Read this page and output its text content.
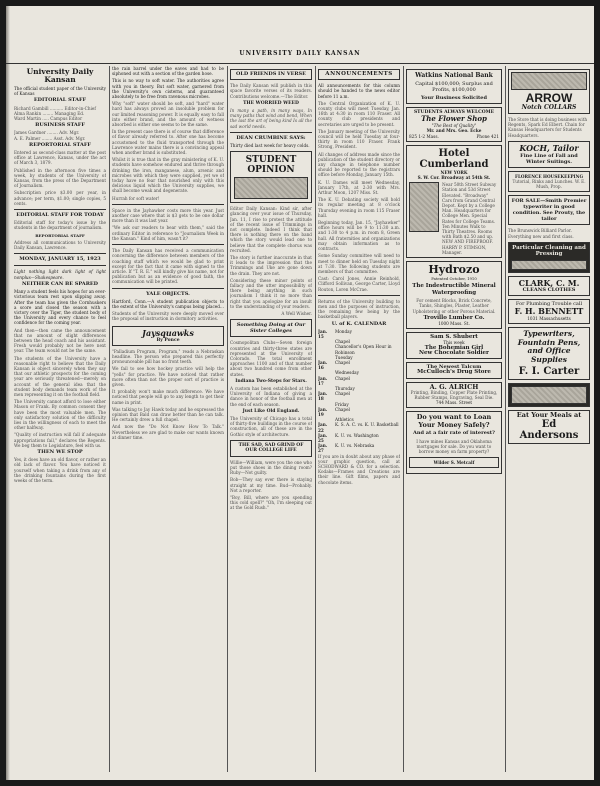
UNIVERSITY DAILY KANSAN
University Daily Kansan

The official student paper of the University of Kansas

EDITORIAL STAFF

Richard Gambill .......... Editor-in-Chief
Alma Rankin ........ Managing Ed.
Ward Martin ..... Campus Editor

BUSINESS STAFF

James Gardner ........ Adv. Mgr.
A. E. Palmer ........ Asst. Adv. Mgr.

REPORTORIAL STAFF

Entered as second-class matter at the post office at Lawrence, Kansas, under the act of March 3, 1879.

Published in the afternoon five times a week, by students of the University of Kansas, from the press of the Department of Journalism.

Subscription price $3.00 per year, in advance; per term, $1.00; single copies, 5 cents.

EDITORIAL STAFF FOR TODAY

Editorial staff for today's issue by the students in the department of journalism.

REPORTORIAL STAFF

Address all communications to University Daily Kansan, Lawrence.

MONDAY, JANUARY 15, 1923

Light nothing light dark light of light nonplus—Shakespeare.

NEITHER CAN BE SPARED

Many a student feels his hopes for an ever-victorious team rest upon slipping away. After the team has given the Cornhuskers a score and closed the season with a victory over the Tiger, the student body of the University and every chance to feel confidence for the coming year.

And then—then came the announcement that no amount of slight differences between the head coach and his assistant. Fresh would probably not be here next year. The team would not be the same.

The students of the University have a reasonable right to believe that the Daily Kansan is object sincerely when they say that our athletic prospects for the coming year are seriously threatened—merely on account of the general idea that the student body demands team work of the men representing it on the football field.

The University cannot afford to lose either Mason or Frank. By common consent they have been the most valuable men. The only satisfactory solution of the difficulty lies in the willingness of each to meet the other halfway.

"Quality of instruction will fall if adequate appropriations fail," declares the Regents. We beg them to Legislature, feel with us.

THEN WE STOP

Yes, it does have an old flavor, or rather an old lack of flavor. You have noticed it yourself when taking a drink from any of the drinking fountains during the first weeks of the term.

the rain barrel under the eaves and had to be siphoned out with a section of the garden hose.

This is no way to soft water. The authorities agree with you in theory. But soft water, garnered from the University's own cisterns, and guaranteed absolutely to be free from ravenous microbes.

Why "soft" water should be soft, and "hard" water hard has always proved an insoluble problem for our limited reasoning power. It is equally easy to fall into either brand, and the amount of wetness absorbed is either one seems to be the same.

In the present case there is of course that difference of flavor already referred to. After one has become accustomed to the fluid transported through the Lawrence water mains there is a convincing appeal when another brand is substituted.

Whilst it is true that in the gray ministering of K. U. students have somehow endured and thrive through drinking the iron, manganese, alum, arsenic and microbes with which they were supplied, yet we of today have no fear that nourished only with this delicious liquid which the University supplies, we shall become weak and degenerate.

Hurrah for soft water!

Space in the Jayhawker costs more this year. Just another case where that is $3 gets to be one dollar more than it was last year.

"We ask our readers to bear with them," said the ordinary Editor in reference to "Journalism Week in the Kansan." Kind of him, wasn't it?

The Daily Kansan has received a communication concerning the difference between members of the coaching staff which we would be glad to print except for the fact that it came with signed to the article. If "T. R. E." will kindly give his name, not for publication but as an evidence of good faith, the communication will be printed.

YALE OBJECTS.

Hartford, Conn.—A student publication objects to the extent of the University's campus being placed...

Students of the University were deeply moved over the proposal of instruction in dormitory activities.

Jaysquawks
By Ponce

"Palladium Program, Program," reads a Nebraskan headline. The person who prepared this perfectly pronounceable pill has no front teeth.

We fail to see how hockey practice will help the "yells" for practice. We have noticed that rather more often than not the proper sort of practice is given.

It probably won't make much difference. We have noticed that people will go to any length to get their name in print.

Was talking to Jay Hawk today and he expressed the opinion that Bald can draw better than he can talk. He certainly drew a full chapel.

And now the "Do Not Know How To Talk." Nevertheless we are glad to make our wants known at dinner time.

OLD FRIENDS IN VERSE

The Daily Kansan will publish in this space favorite verses of its readers. Contributions welcome.—The Editor.

THE WORRIED WEED

In many a path, in many ways, In many paths that wind and bend, When the last the art of being kind Is all the sad world needs.

DEAN CRUMBINE SAYS:

Thirty died last week for heavy colds.

STUDENT OPINION

Editor Daily Kansan: Kind sir, after glancing over your issue of Thursday, Jan. 11, I rise to protest the attitude of the recent issue of Trimmings in not complete. Indeed I think that there is nothing there on the band which the story would lead one to believe that the complete chorus was recruited.

The story is further inaccurate in that it leads to the impression that the Trimmings and Uke are gone down the drain. They are not.

Considering these minor points of fallacy and the utter impossibility of there being anything in such journalism I think it no more than right that you apologize for an insult to the understanding of your readers.

A Well Wisher.

Something Doing at Our Sister Colleges

Cosmopolitan Clubs—Seven foreign countries and thirty-three states are represented at the University of Colorado. The total enrollment approaches 1100 and of that number about two hundred come from other states.

Indiana Two-Steps for Stars.

A custom has been established at the University of Indiana of giving a dance in honor of the football men at the end of each season.

Just Like Old England.

The University of Chicago has a total of thirty-five buildings in the course of construction, all of these are in the Gothic style of architecture.

THE SAD, SAD GRIND OF OUR COLLEGE LIFE

Willie—William, were you the one who put those shoes in the dining room? Ruby—Not guilty.

Bob—They say ever there is staying straight at my time. Bud—Probably. Not a reporter.

"Boy, Bill, where are you spending this cold spell?" "Oh, I'm sleeping out at the Gold Rush."

ANNOUNCEMENTS

All announcements for this column should be handed to the news editor before 11 a.m.

The Central Organization of K. U. county clubs will meet Tuesday, Jan. 16th at 4:30 in room 110 Fraser. All county club presidents and secretaries are urged to be present.

The January meeting of the University council will be held Tuesday at four-thirty in room 110 Fraser. Frank Strong, President.

All changes of address made since the publication of the student directory or any change in telephone number should be reported to the registrars office before Monday, January 15th.

K. U. Dames will meet Wednesday, January 17th, at 2:30 with Mrs. Arthur Moon, 1207 Miss. St.

The K. U. Debating society will hold its regular meeting at 8 o'clock Thursday evening in room 115 Fraser hall.

Beginning today, Jan. 15, "Jayhawker" office hours will be 9 to 11:30 a.m. and 1:30 to 4 p.m. in room 8, Green hall. All fraternities and organizations may obtain information as to contracts.

Some Sunday committee will need to meet to dinner held on Tuesday night at 7:30. The following students are members of that committee.

Cast: Carol Jones, Annie Reinhold, Clifford Sollivan, George Carter, Lloyd Routon, Loren McCrae.

Returns of the University building to men and the purposes of instruction, the remaining few being by the basketball players.

U. of K. CALENDAR
Jan. 15
Monday
Chapel
Chancellor's Open Hour in Robinson
Tuesday
Jan. 16
Chapel
Wednesday
Jan. 17
Chapel
Thursday
Jan. 18
Chapel
Friday
Jan. 19
Chapel
Athletics
Jan. 22
K. S. A. C. vs. K. U. Basketball
Jan. 25
K. U. vs. Washington
Jan. 27
K. U. vs. Nebraska

If you are in doubt about any phase of your graphic question, call at SCHODWARD & CO. for a selection. Kodaks—Frames and Creations are their line. Gift films, papers and chocolate items.

Watkins National Bank
Capital $100,000; Surplus and Profits, $100,000
Your Business Solicited
STUDENTS ALWAYS WELCOME
The Flower Shop
"The Best of Quality"
Mr. and Mrs. Geo. Ecke
825 1-2 Mass.	Phone 421
Hotel Cumberland
NEW YORK
S. W. Cor. Broadway at 54th St.
Near 50th Street Subway Station and 53d Street Elevated. "Broadway" Cars from Grand Central Depot. Kept by a College Man. Headquarters for College Men. Special Rates for College Teams. Ten Minutes Walk to Thirty Theatres. Rooms with Bath $2.50 and up. NEW AND FIREPROOF. HARRY P. STIMSON, Manager.
Hydrozo
Patented October, 1910
The Indestructible Mineral Waterproofing
For cement Blocks, Brick Concrete, Tanks, Shingles, Plaster, Leather Upholstering or other Porous Material.
Trovillo Lumber Co.
1000 Mass. St.
Sam S. Shubert
This week
The Bohemian Girl
New Chocolate Soldier
The Newest Talcum
McCulloch's Drug Store
A. G. ALRICH
Printing, Binding, Copper Plate Printing, Rubber Stamps, Engraving, Seal Die.
744 Mass. Street
Do you want to Loan Your Money Safely?
And at a fair rate of interest?
I have mines Kansas and Oklahoma mortgages for sale. Do you want to borrow money on farm property?
Wilder S. Metcalf
ARROW
Notch COLLARS
The Store that is doing business with Regents, Spark Ed Elbert. Chain for Kansas Headquarters for Students Headquarters.
KOCH, Tailor
Fine Line of Fall and Winter Suitings.
FLORENCE HOUSEKEEPING
Tutorial, Rinks and Lunches. W. E. Mush, Prop.
FOR SALE—Smith Premier typewriter in good condition. See Prouty, the tailor
The Brunswick Billiard Parlor. Everything new and first class.
Particular Cleaning and Pressing
CLARK, C. M.
CLEANS CLOTHES
For Plumbing Trouble call
F. H. BENNETT
1031 Massachusetts
Typewriters, Fountain Pens, and Office Supplies
F. I. Carter
Eat Your Meals at
Ed Andersons
